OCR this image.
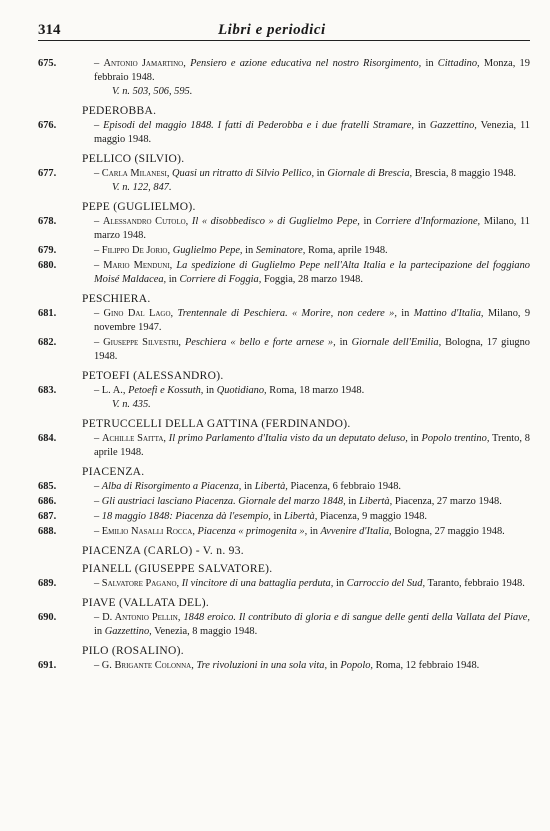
314	Libri e periodici
675.	– Antonio Jamartino, Pensiero e azione educativa nel nostro Risorgimento, in Cittadino, Monza, 19 febbraio 1948.
V. n. 503, 506, 595.
PEDEROBBA.
676.	– Episodi del maggio 1848. I fatti di Pederobba e i due fratelli Stramare, in Gazzettino, Venezia, 11 maggio 1948.
PELLICO (SILVIO).
677.	– Carla Milanesi, Quasi un ritratto di Silvio Pellico, in Giornale di Brescia, Brescia, 8 maggio 1948.
V. n. 122, 847.
PEPE (GUGLIELMO).
678.	– Alessandro Cutolo, Il « disobbedisco » di Guglielmo Pepe, in Corriere d'Informazione, Milano, 11 marzo 1948.
679.	– Filippo De Jorio, Guglielmo Pepe, in Seminatore, Roma, aprile 1948.
680.	– Mario Menduni, La spedizione di Guglielmo Pepe nell'Alta Italia e la partecipazione del foggiano Moisé Maldacea, in Corriere di Foggia, Foggia, 28 marzo 1948.
PESCHIERA.
681.	– Gino Dal Lago, Trentennale di Peschiera. « Morire, non cedere », in Mattino d'Italia, Milano, 9 novembre 1947.
682.	– Giuseppe Silvestri, Peschiera « bello e forte arnese », in Giornale dell'Emilia, Bologna, 17 giugno 1948.
PETOEFI (ALESSANDRO).
683.	– L. A., Petoefi e Kossuth, in Quotidiano, Roma, 18 marzo 1948.
V. n. 435.
PETRUCCELLI DELLA GATTINA (FERDINANDO).
684.	– Achille Saitta, Il primo Parlamento d'Italia visto da un deputato deluso, in Popolo trentino, Trento, 8 aprile 1948.
PIACENZA.
685.	– Alba di Risorgimento a Piacenza, in Libertà, Piacenza, 6 febbraio 1948.
686.	– Gli austriaci lasciano Piacenza. Giornale del marzo 1848, in Libertà, Piacenza, 27 marzo 1948.
687.	– 18 maggio 1848: Piacenza dà l'esempio, in Libertà, Piacenza, 9 maggio 1948.
688.	– Emilio Nasalli Rocca, Piacenza « primogenita », in Avvenire d'Italia, Bologna, 27 maggio 1948.
PIACENZA (CARLO) - V. n. 93.
PIANELL (GIUSEPPE SALVATORE).
689.	– Salvatore Pagano, Il vincitore di una battaglia perduta, in Carroccio del Sud, Taranto, febbraio 1948.
PIAVE (VALLATA DEL).
690.	– D. Antonio Pellin, 1848 eroico. Il contributo di gloria e di sangue delle genti della Vallata del Piave, in Gazzettino, Venezia, 8 maggio 1948.
PILO (ROSALINO).
691.	– G. Brigante Colonna, Tre rivoluzioni in una sola vita, in Popolo, Roma, 12 febbraio 1948.
